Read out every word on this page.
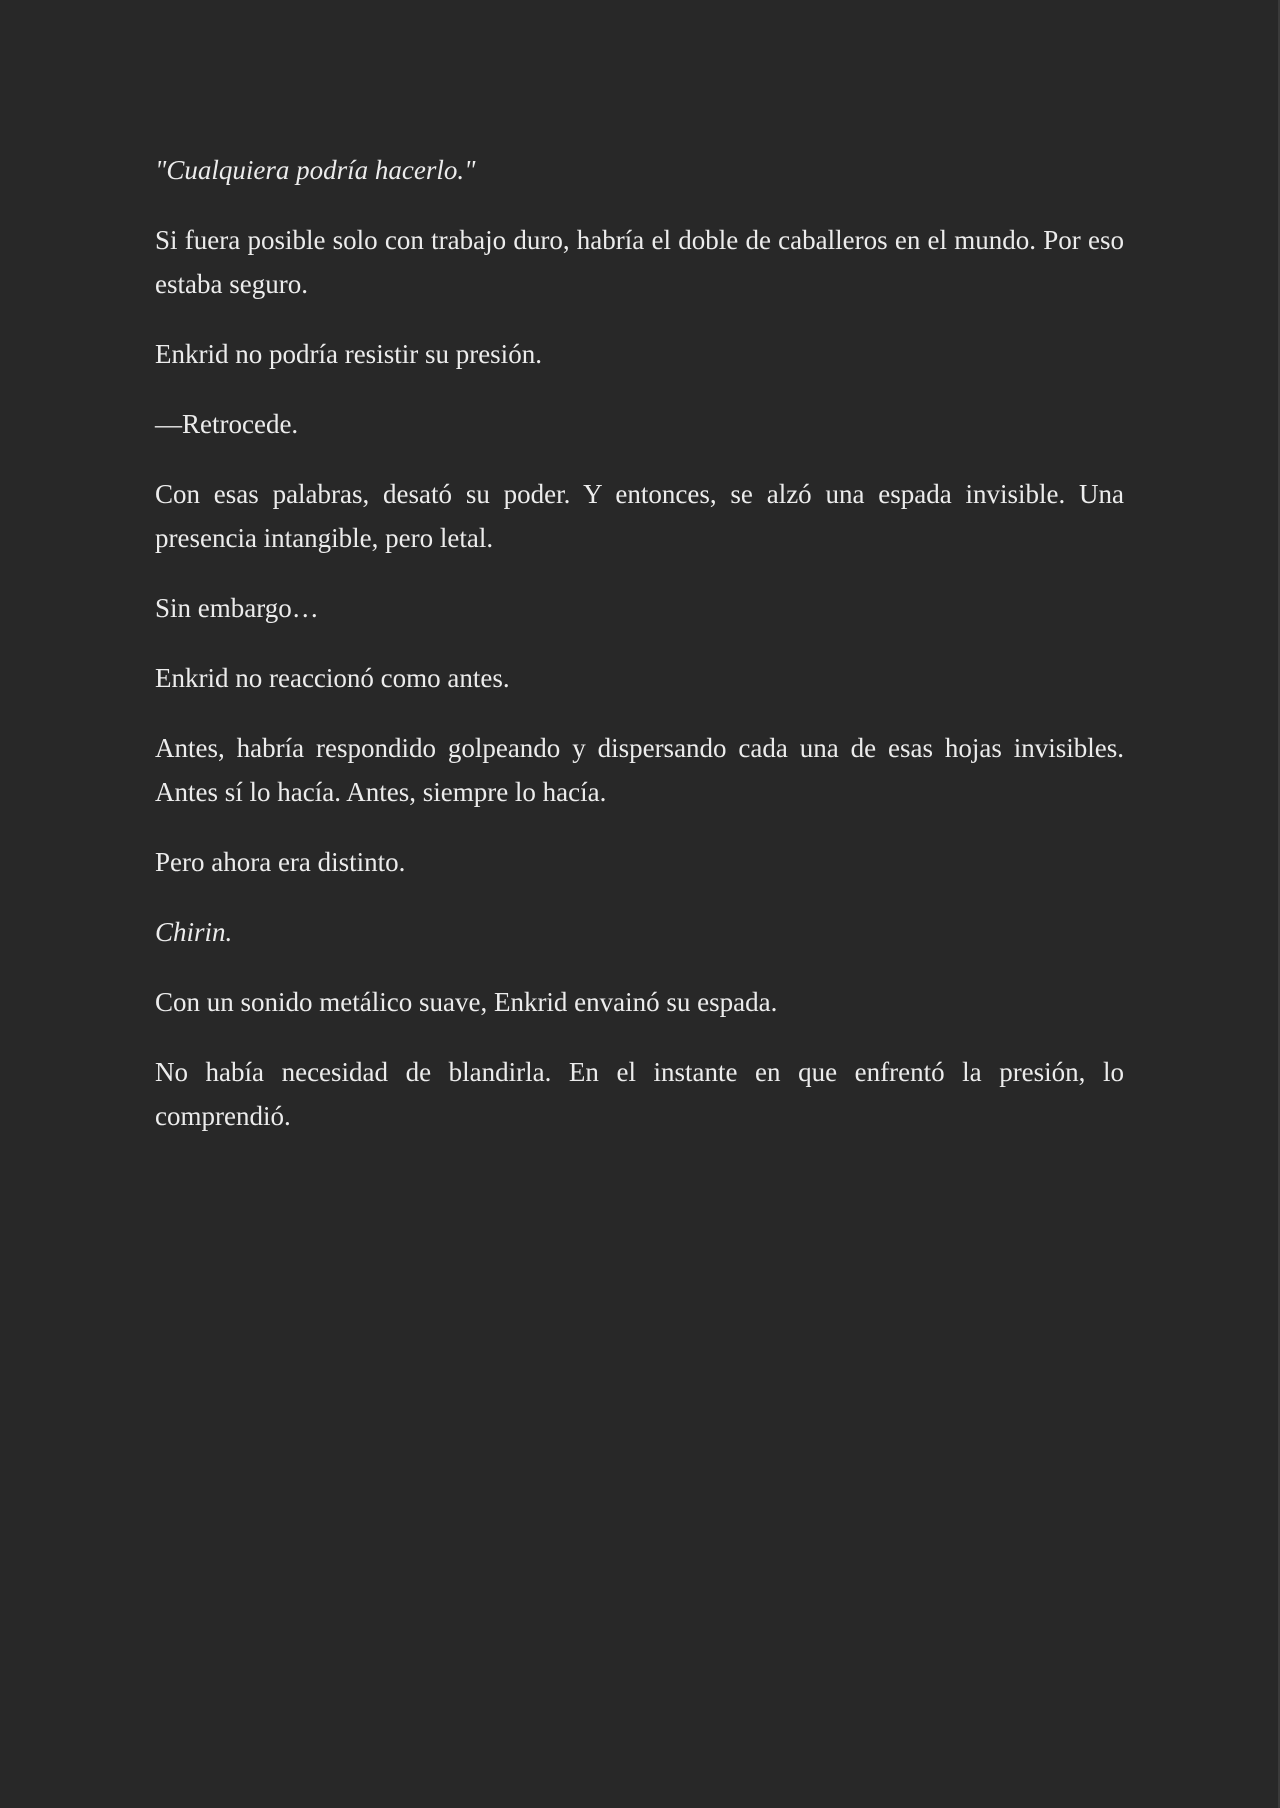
"Cualquiera podría hacerlo."

Si fuera posible solo con trabajo duro, habría el doble de caballeros en el mundo. Por eso estaba seguro.

Enkrid no podría resistir su presión.

—Retrocede.

Con esas palabras, desató su poder. Y entonces, se alzó una espada invisible. Una presencia intangible, pero letal.

Sin embargo…

Enkrid no reaccionó como antes.

Antes, habría respondido golpeando y dispersando cada una de esas hojas invisibles. Antes sí lo hacía. Antes, siempre lo hacía.

Pero ahora era distinto.

Chirin.

Con un sonido metálico suave, Enkrid envainó su espada.

No había necesidad de blandirla. En el instante en que enfrentó la presión, lo comprendió.
